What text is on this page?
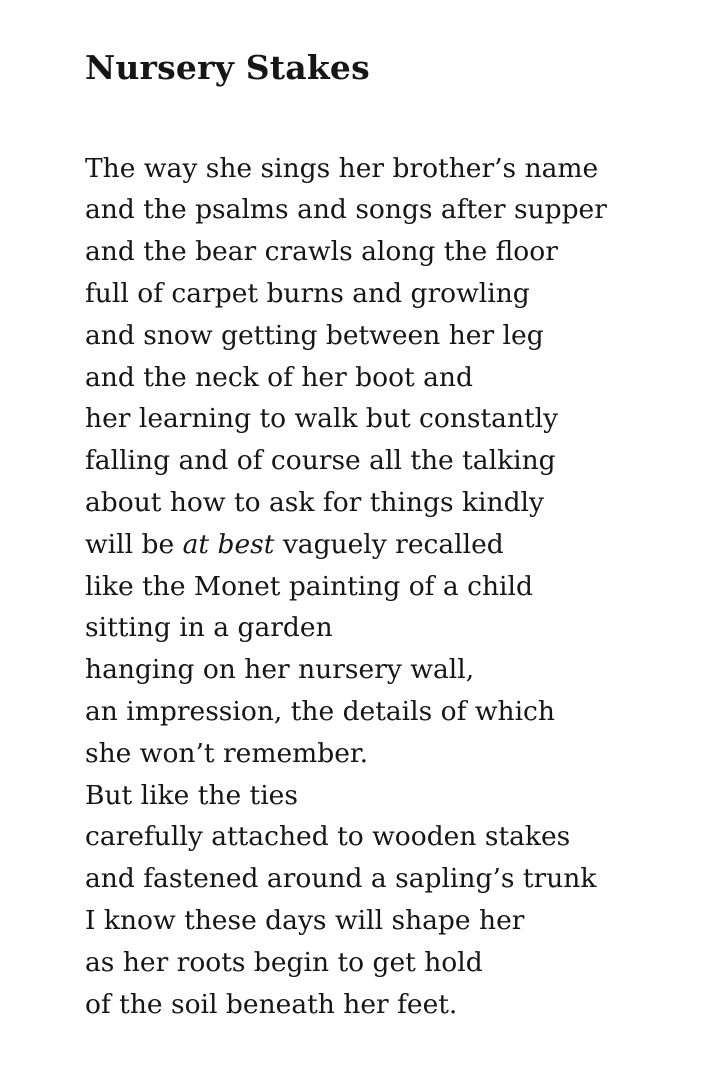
Nursery Stakes
The way she sings her brother’s name
and the psalms and songs after supper
and the bear crawls along the floor
full of carpet burns and growling
and snow getting between her leg
and the neck of her boot and
her learning to walk but constantly
falling and of course all the talking
about how to ask for things kindly
will be at best vaguely recalled
like the Monet painting of a child
sitting in a garden
hanging on her nursery wall,
an impression, the details of which
she won’t remember.
But like the ties
carefully attached to wooden stakes
and fastened around a sapling’s trunk
I know these days will shape her
as her roots begin to get hold
of the soil beneath her feet.
